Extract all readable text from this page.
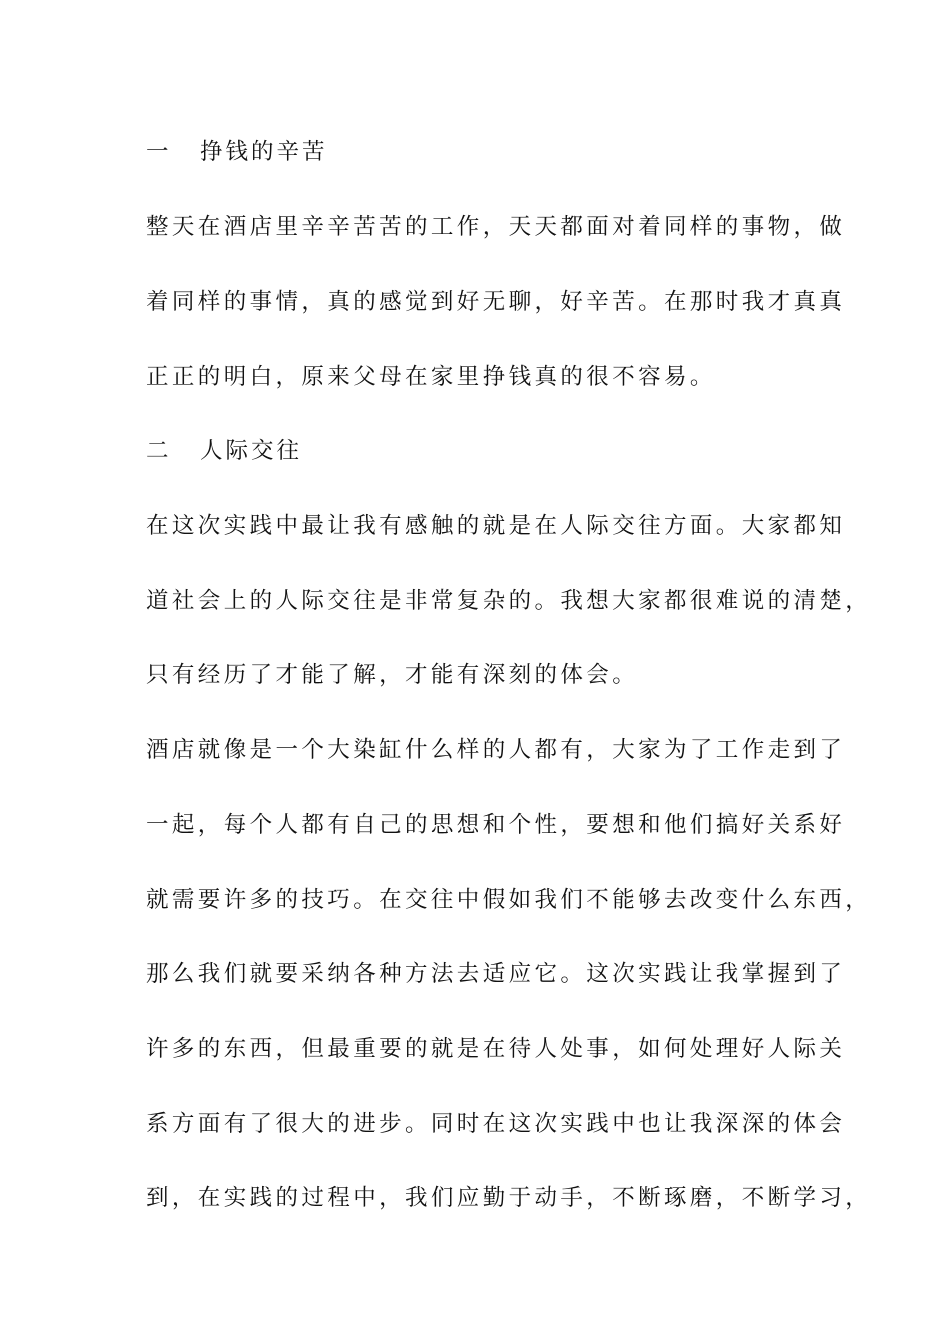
一 挣钱的辛苦
整天在酒店里辛辛苦苦的工作，天天都面对着同样的事物，做
着同样的事情，真的感觉到好无聊，好辛苦。在那时我才真真
正正的明白，原来父母在家里挣钱真的很不容易。
二 人际交往
在这次实践中最让我有感触的就是在人际交往方面。大家都知
道社会上的人际交往是非常复杂的。我想大家都很难说的清楚，
只有经历了才能了解，才能有深刻的体会。
酒店就像是一个大染缸什么样的人都有，大家为了工作走到了
一起，每个人都有自己的思想和个性，要想和他们搞好关系好
就需要许多的技巧。在交往中假如我们不能够去改变什么东西，
那么我们就要采纳各种方法去适应它。这次实践让我掌握到了
许多的东西，但最重要的就是在待人处事，如何处理好人际关
系方面有了很大的进步。同时在这次实践中也让我深深的体会
到，在实践的过程中，我们应勤于动手，不断琢磨，不断学习，
